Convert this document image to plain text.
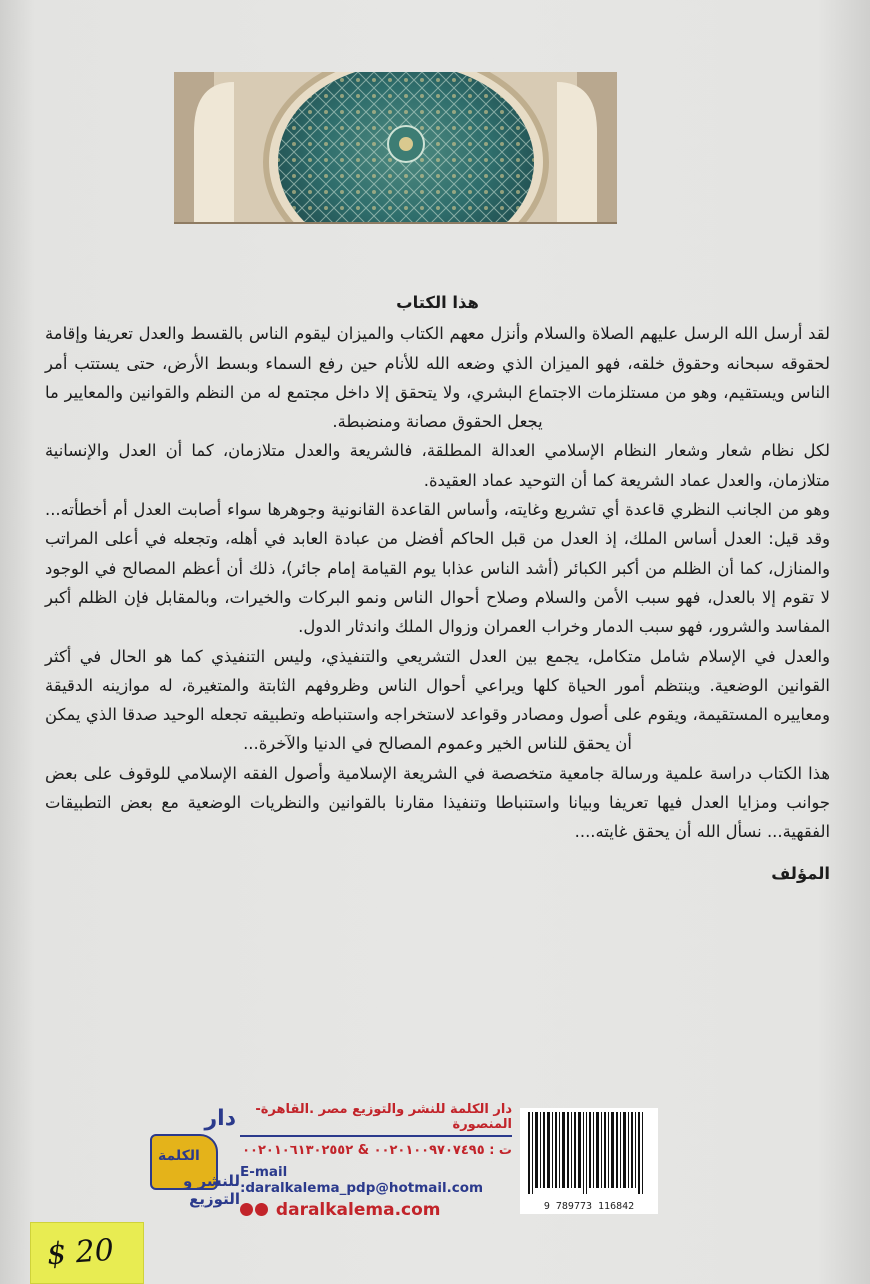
هذا الكتاب

لقد أرسل الله الرسل عليهم الصلاة والسلام وأنزل معهم الكتاب والميزان ليقوم الناس بالقسط والعدل تعريفا وإقامة لحقوقه سبحانه وحقوق خلقه، فهو الميزان الذي وضعه الله للأنام حين رفع السماء وبسط الأرض، حتى يستتب أمر الناس ويستقيم، وهو من مستلزمات الاجتماع البشري، ولا يتحقق إلا داخل مجتمع له من النظم والقوانين والمعايير ما يجعل الحقوق مصانة ومنضبطة.

لكل نظام شعار وشعار النظام الإسلامي العدالة المطلقة، فالشريعة والعدل متلازمان، كما أن العدل والإنسانية متلازمان، والعدل عماد الشريعة كما أن التوحيد عماد العقيدة.

وهو من الجانب النظري قاعدة أي تشريع وغايته، وأساس القاعدة القانونية وجوهرها سواء أصابت العدل أم أخطأته... وقد قيل: العدل أساس الملك، إذ العدل من قبل الحاكم أفضل من عبادة العابد في أهله، وتجعله في أعلى المراتب والمنازل، كما أن الظلم من أكبر الكبائر (أشد الناس عذابا يوم القيامة إمام جائر)، ذلك أن أعظم المصالح في الوجود لا تقوم إلا بالعدل، فهو سبب الأمن والسلام وصلاح أحوال الناس ونمو البركات والخيرات، وبالمقابل فإن الظلم أكبر المفاسد والشرور، فهو سبب الدمار وخراب العمران وزوال الملك واندثار الدول.

والعدل في الإسلام شامل متكامل، يجمع بين العدل التشريعي والتنفيذي، وليس التنفيذي كما هو الحال في أكثر القوانين الوضعية. وينتظم أمور الحياة كلها ويراعي أحوال الناس وظروفهم الثابتة والمتغيرة، له موازينه الدقيقة ومعاييره المستقيمة، ويقوم على أصول ومصادر وقواعد لاستخراجه واستنباطه وتطبيقه تجعله الوحيد صدقا الذي يمكن أن يحقق للناس الخير وعموم المصالح في الدنيا والآخرة...

هذا الكتاب دراسة علمية ورسالة جامعية متخصصة في الشريعة الإسلامية وأصول الفقه الإسلامي للوقوف على بعض جوانب ومزايا العدل فيها تعريفا وبيانا واستنباطا وتنفيذا مقارنا بالقوانين والنظريات الوضعية مع بعض التطبيقات الفقهية... نسأل الله أن يحقق غايته....

المؤلف

دار
الكلمة
للنشر و التوزيع
دار الكلمة للنشر والتوزيع مصر .القاهرة- المنصورة
ت : ٠٠٢٠١٠٠٩٧٠٧٤٩٥ & ٠٠٢٠١٠٦١٣٠٢٥٥٢
E-mail :daralkalema_pdp@hotmail.com
daralkalema.com	9 789773 116842
$ 20
